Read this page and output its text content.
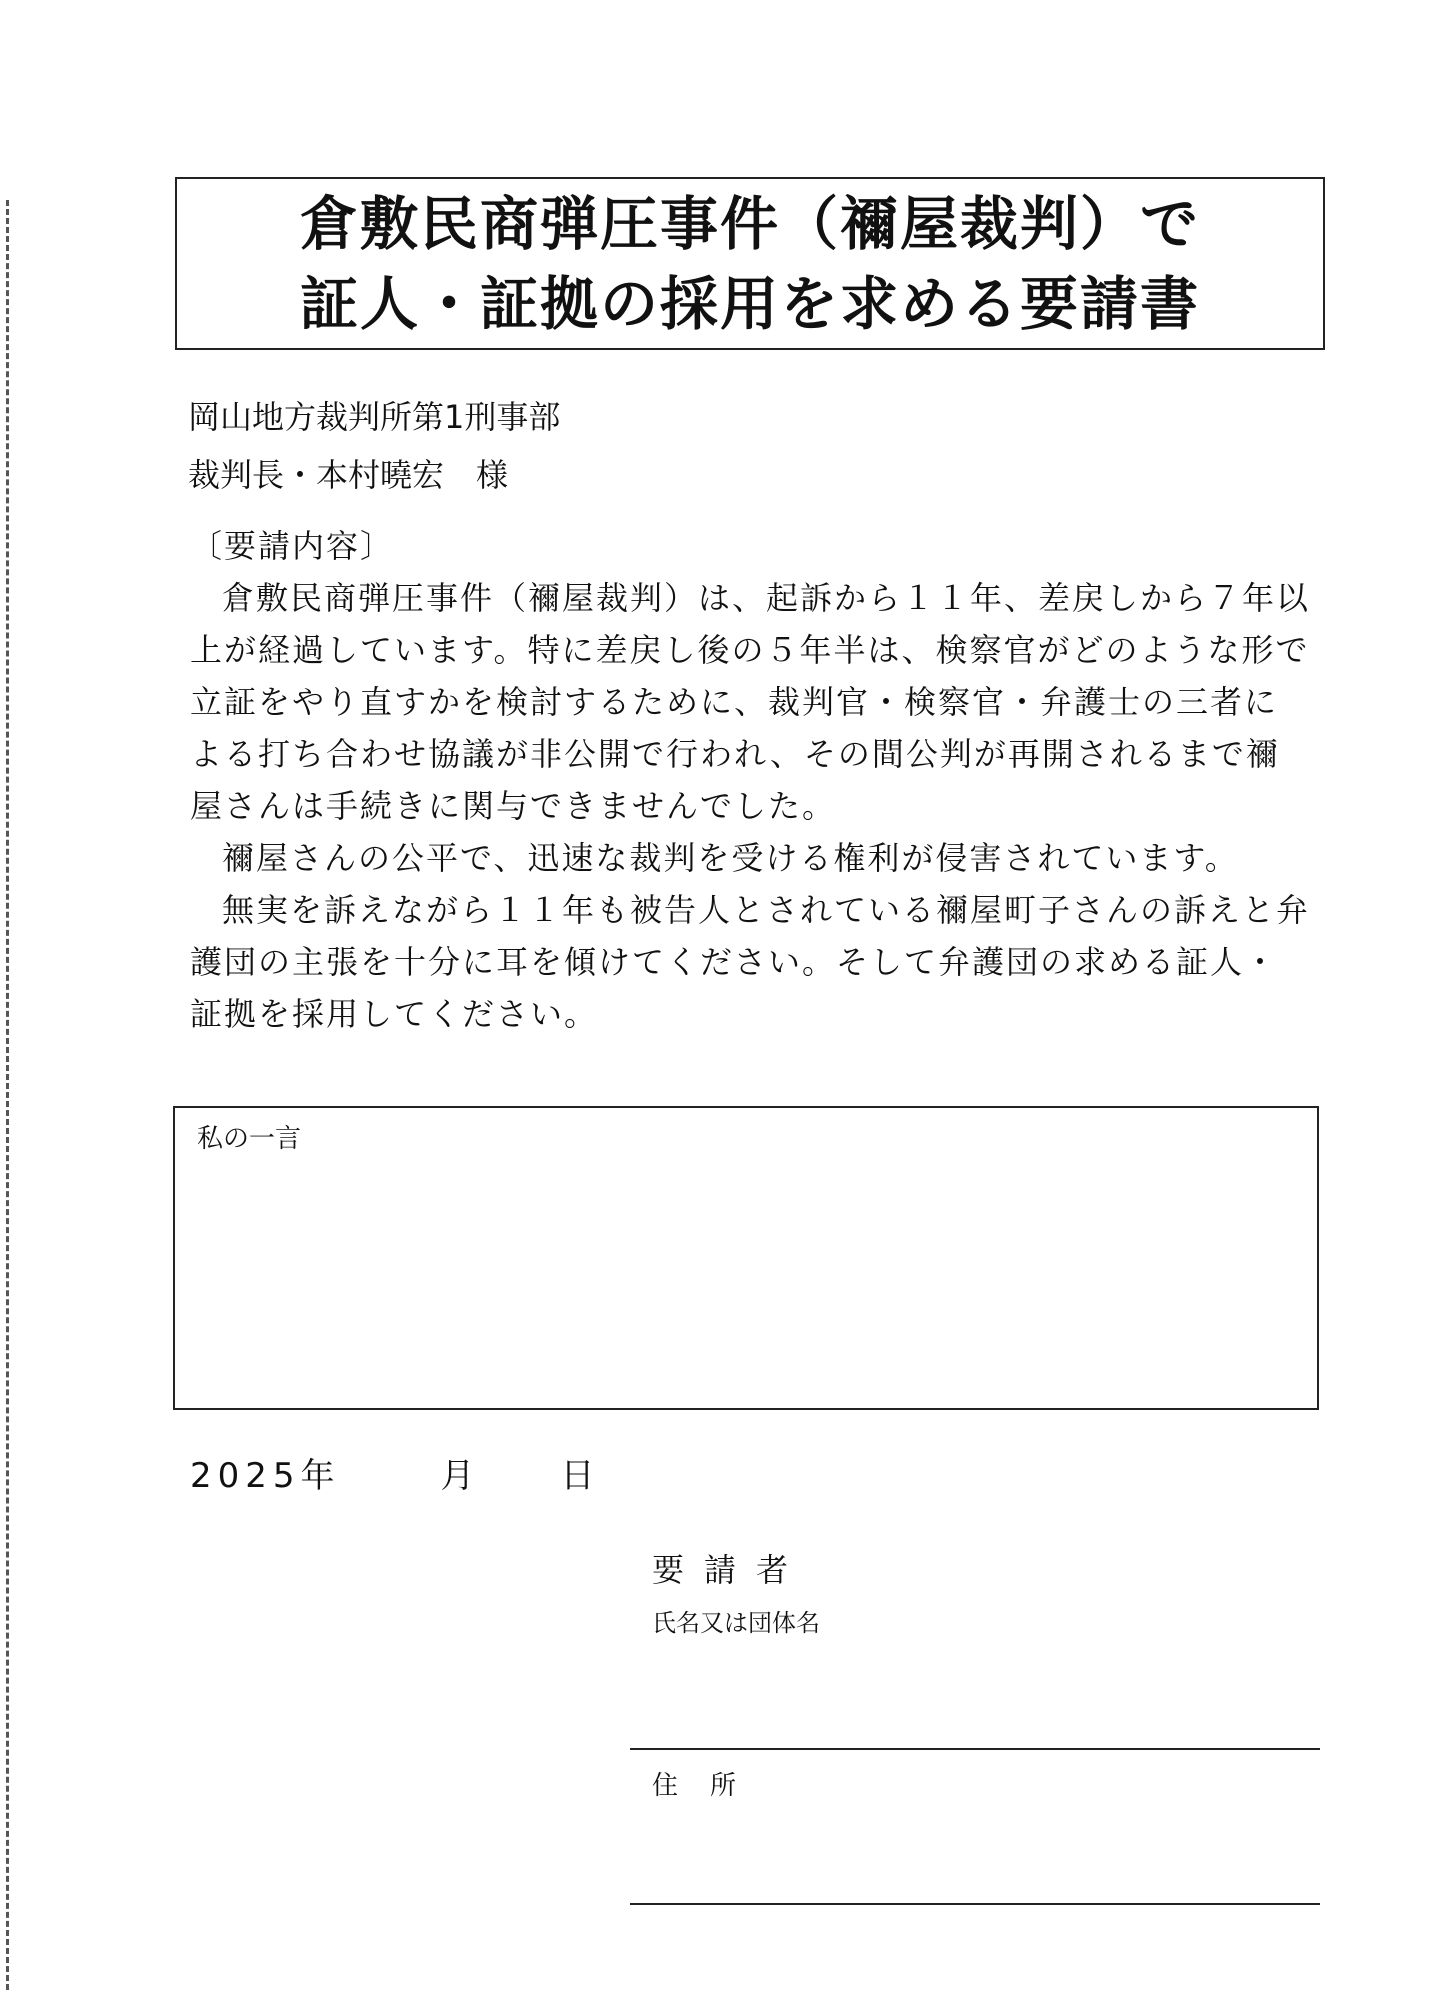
倉敷民商弾圧事件（禰屋裁判）で
証人・証拠の採用を求める要請書
岡山地方裁判所第1刑事部
裁判長・本村曉宏　様
〔要請内容〕

倉敷民商弾圧事件（禰屋裁判）は、起訴から１１年、差戻しから７年以上が経過しています。特に差戻し後の５年半は、検察官がどのような形で立証をやり直すかを検討するために、裁判官・検察官・弁護士の三者による打ち合わせ協議が非公開で行われ、その間公判が再開されるまで禰屋さんは手続きに関与できませんでした。

禰屋さんの公平で、迅速な裁判を受ける権利が侵害されています。

無実を訴えながら１１年も被告人とされている禰屋町子さんの訴えと弁護団の主張を十分に耳を傾けてください。そして弁護団の求める証人・証拠を採用してください。

私の一言
2025年	月 日
要請者
氏名又は団体名
住所
